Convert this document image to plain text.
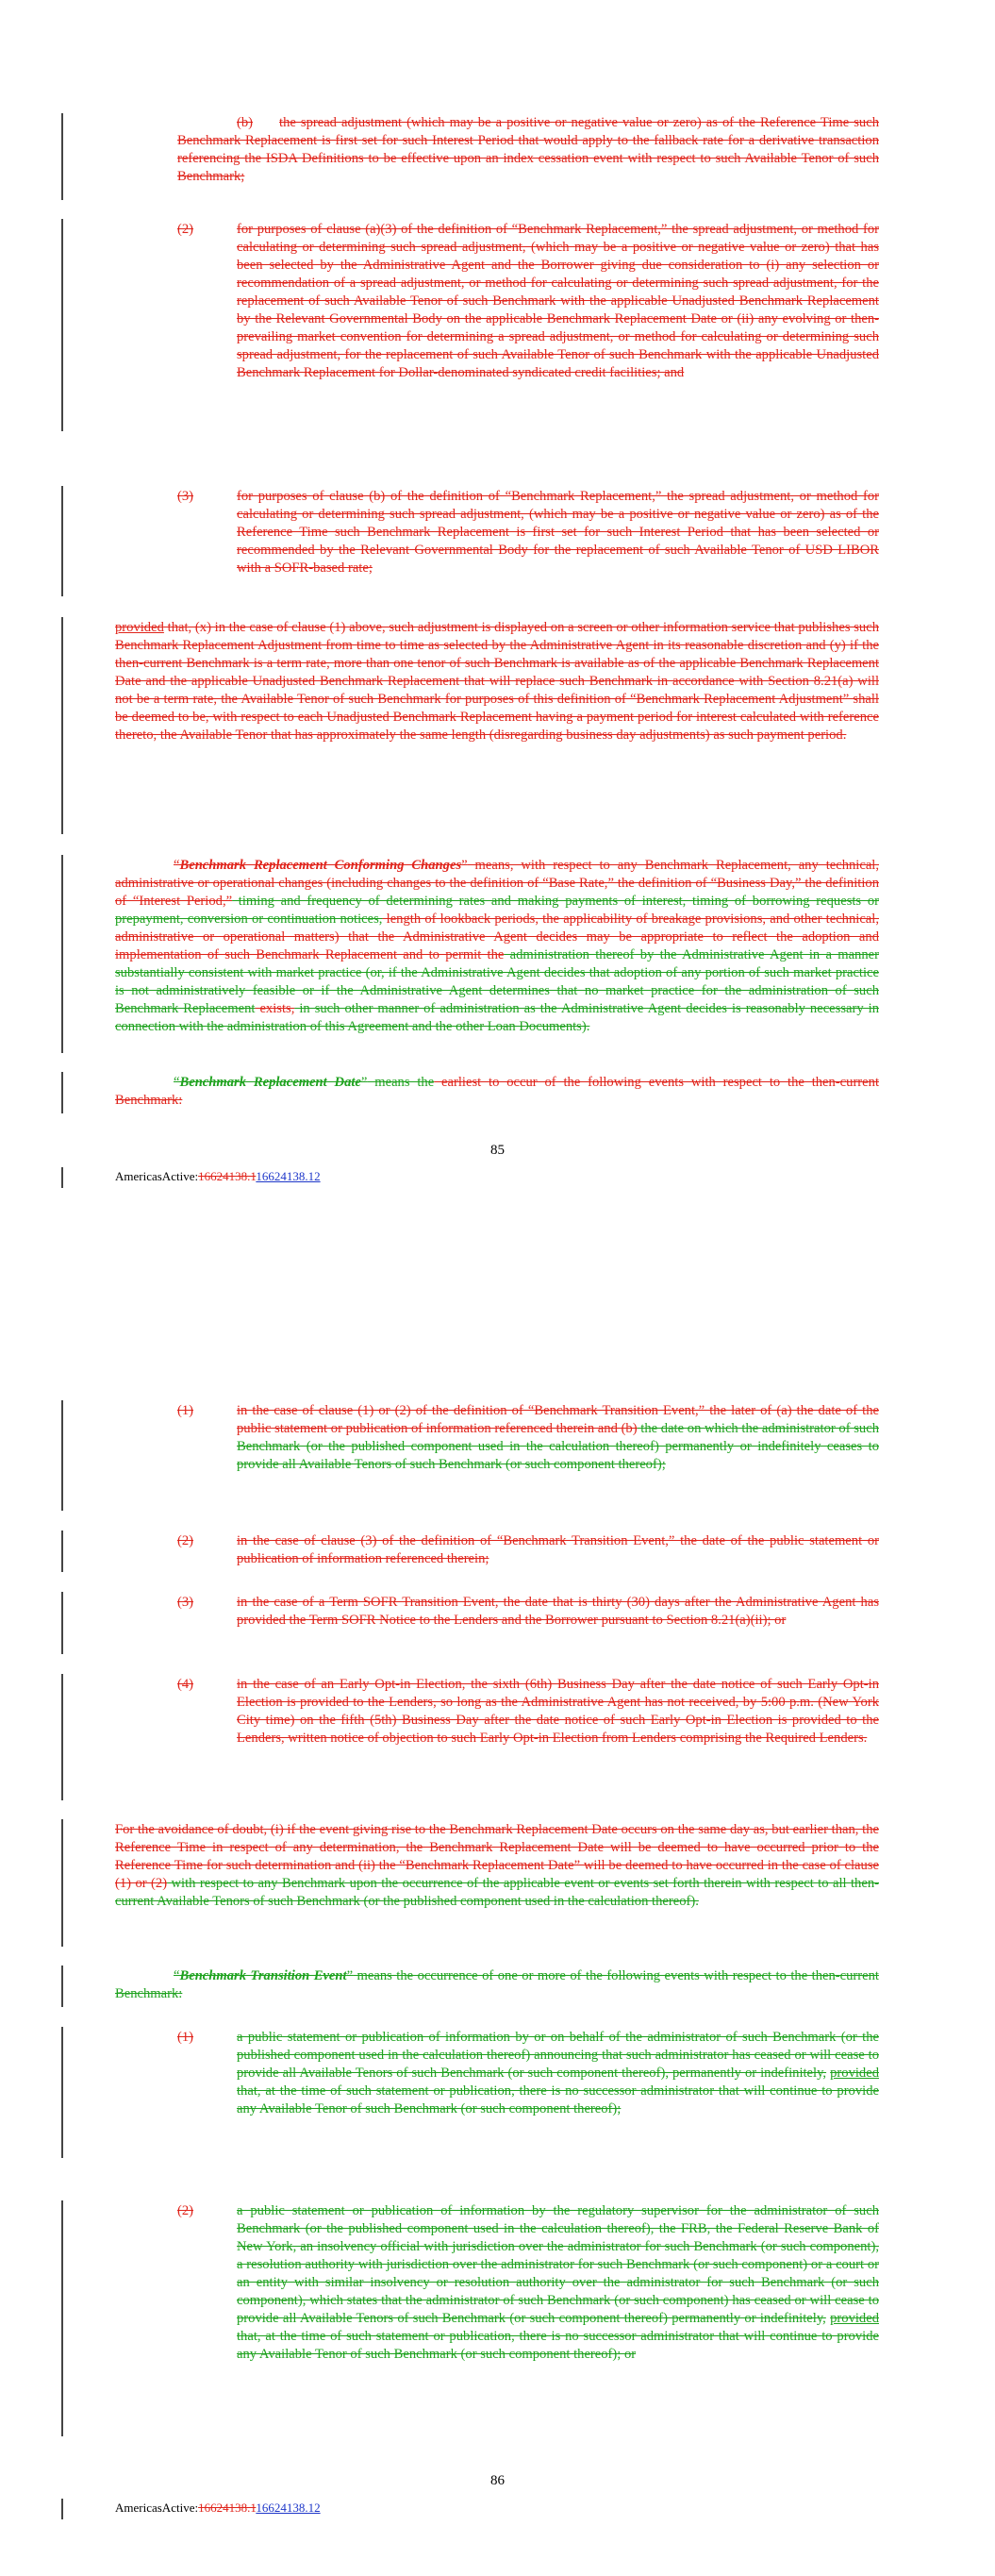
(b) the spread adjustment (which may be a positive or negative value or zero) as of the Reference Time such Benchmark Replacement is first set for such Interest Period that would apply to the fallback rate for a derivative transaction referencing the ISDA Definitions to be effective upon an index cessation event with respect to such Available Tenor of such Benchmark;
(2)	for purposes of clause (a)(3) of the definition of “Benchmark Replacement,” the spread adjustment, or method for calculating or determining such spread adjustment, (which may be a positive or negative value or zero) that has been selected by the Administrative Agent and the Borrower giving due consideration to (i) any selection or recommendation of a spread adjustment, or method for calculating or determining such spread adjustment, for the replacement of such Available Tenor of such Benchmark with the applicable Unadjusted Benchmark Replacement by the Relevant Governmental Body on the applicable Benchmark Replacement Date or (ii) any evolving or then-prevailing market convention for determining a spread adjustment, or method for calculating or determining such spread adjustment, for the replacement of such Available Tenor of such Benchmark with the applicable Unadjusted Benchmark Replacement for Dollar-denominated syndicated credit facilities; and
(3)	for purposes of clause (b) of the definition of “Benchmark Replacement,” the spread adjustment, or method for calculating or determining such spread adjustment, (which may be a positive or negative value or zero) as of the Reference Time such Benchmark Replacement is first set for such Interest Period that has been selected or recommended by the Relevant Governmental Body for the replacement of such Available Tenor of USD LIBOR with a SOFR-based rate;
provided that, (x) in the case of clause (1) above, such adjustment is displayed on a screen or other information service that publishes such Benchmark Replacement Adjustment from time to time as selected by the Administrative Agent in its reasonable discretion and (y) if the then-current Benchmark is a term rate, more than one tenor of such Benchmark is available as of the applicable Benchmark Replacement Date and the applicable Unadjusted Benchmark Replacement that will replace such Benchmark in accordance with Section 8.21(a) will not be a term rate, the Available Tenor of such Benchmark for purposes of this definition of “Benchmark Replacement Adjustment” shall be deemed to be, with respect to each Unadjusted Benchmark Replacement having a payment period for interest calculated with reference thereto, the Available Tenor that has approximately the same length (disregarding business day adjustments) as such payment period.
“Benchmark Replacement Conforming Changes” means, with respect to any Benchmark Replacement, any technical, administrative or operational changes (including changes to the definition of “Base Rate,” the definition of “Business Day,” the definition of “Interest Period,” timing and frequency of determining rates and making payments of interest, timing of borrowing requests or prepayment, conversion or continuation notices, length of lookback periods, the applicability of breakage provisions, and other technical, administrative or operational matters) that the Administrative Agent decides may be appropriate to reflect the adoption and implementation of such Benchmark Replacement and to permit the administration thereof by the Administrative Agent in a manner substantially consistent with market practice (or, if the Administrative Agent decides that adoption of any portion of such market practice is not administratively feasible or if the Administrative Agent determines that no market practice for the administration of such Benchmark Replacement exists, in such other manner of administration as the Administrative Agent decides is reasonably necessary in connection with the administration of this Agreement and the other Loan Documents).
“Benchmark Replacement Date” means the earliest to occur of the following events with respect to the then-current Benchmark:
85
AmericasActive:16624138.116624138.12
(1)	in the case of clause (1) or (2) of the definition of “Benchmark Transition Event,” the later of (a) the date of the public statement or publication of information referenced therein and (b) the date on which the administrator of such Benchmark (or the published component used in the calculation thereof) permanently or indefinitely ceases to provide all Available Tenors of such Benchmark (or such component thereof);
(2)	in the case of clause (3) of the definition of “Benchmark Transition Event,” the date of the public statement or publication of information referenced therein;
(3)	in the case of a Term SOFR Transition Event, the date that is thirty (30) days after the Administrative Agent has provided the Term SOFR Notice to the Lenders and the Borrower pursuant to Section 8.21(a)(ii); or
(4)	in the case of an Early Opt-in Election, the sixth (6th) Business Day after the date notice of such Early Opt-in Election is provided to the Lenders, so long as the Administrative Agent has not received, by 5:00 p.m. (New York City time) on the fifth (5th) Business Day after the date notice of such Early Opt-in Election is provided to the Lenders, written notice of objection to such Early Opt-in Election from Lenders comprising the Required Lenders.
For the avoidance of doubt, (i) if the event giving rise to the Benchmark Replacement Date occurs on the same day as, but earlier than, the Reference Time in respect of any determination, the Benchmark Replacement Date will be deemed to have occurred prior to the Reference Time for such determination and (ii) the “Benchmark Replacement Date” will be deemed to have occurred in the case of clause (1) or (2) with respect to any Benchmark upon the occurrence of the applicable event or events set forth therein with respect to all then-current Available Tenors of such Benchmark (or the published component used in the calculation thereof).
“Benchmark Transition Event” means the occurrence of one or more of the following events with respect to the then-current Benchmark:
(1)	a public statement or publication of information by or on behalf of the administrator of such Benchmark (or the published component used in the calculation thereof) announcing that such administrator has ceased or will cease to provide all Available Tenors of such Benchmark (or such component thereof), permanently or indefinitely, provided that, at the time of such statement or publication, there is no successor administrator that will continue to provide any Available Tenor of such Benchmark (or such component thereof);
(2)	a public statement or publication of information by the regulatory supervisor for the administrator of such Benchmark (or the published component used in the calculation thereof), the FRB, the Federal Reserve Bank of New York, an insolvency official with jurisdiction over the administrator for such Benchmark (or such component), a resolution authority with jurisdiction over the administrator for such Benchmark (or such component) or a court or an entity with similar insolvency or resolution authority over the administrator for such Benchmark (or such component), which states that the administrator of such Benchmark (or such component) has ceased or will cease to provide all Available Tenors of such Benchmark (or such component thereof) permanently or indefinitely, provided that, at the time of such statement or publication, there is no successor administrator that will continue to provide any Available Tenor of such Benchmark (or such component thereof); or
86
AmericasActive:16624138.116624138.12
